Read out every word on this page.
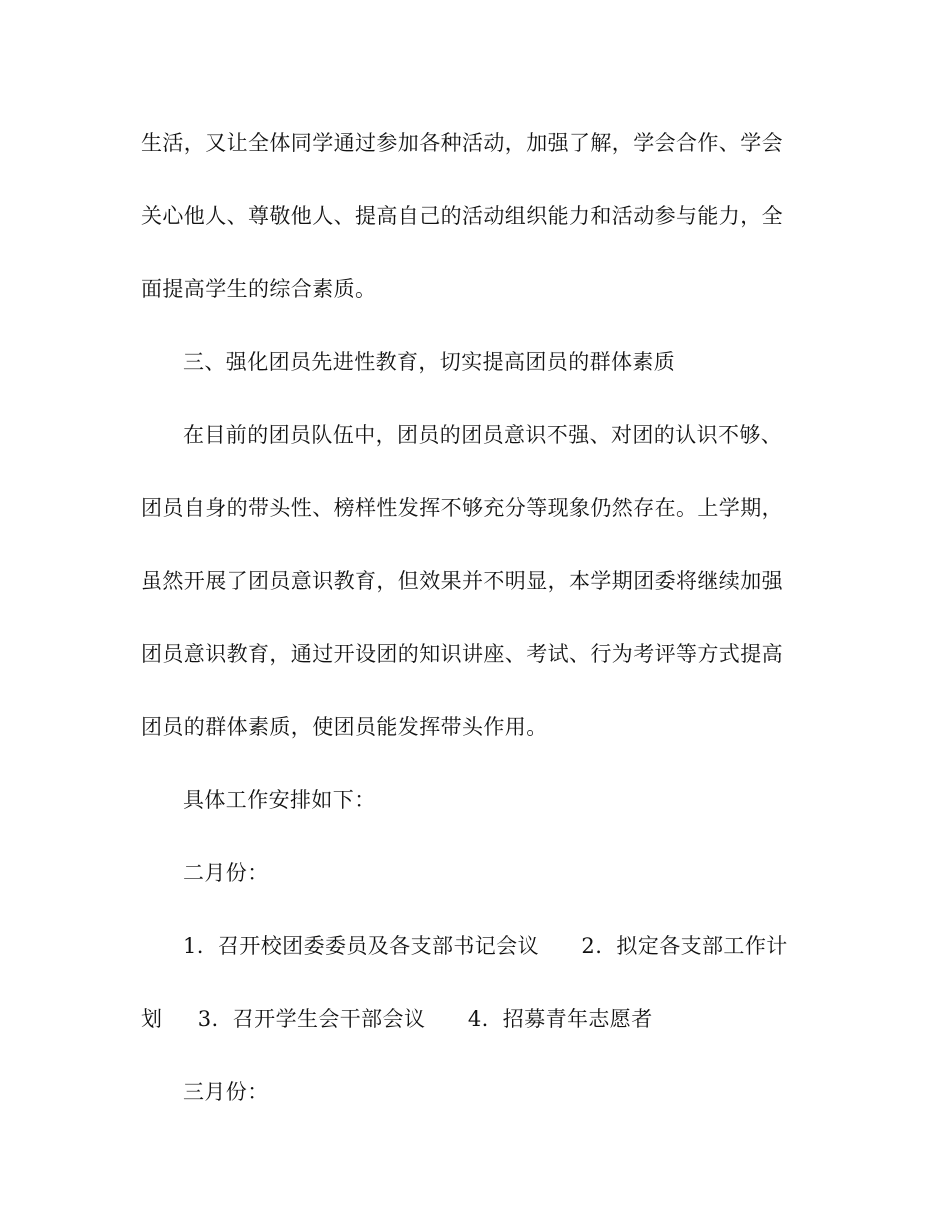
生活，又让全体同学通过参加各种活动，加强了解，学会合作、学会
关心他人、尊敬他人、提高自己的活动组织能力和活动参与能力，全
面提高学生的综合素质。
三、强化团员先进性教育，切实提高团员的群体素质
在目前的团员队伍中，团员的团员意识不强、对团的认识不够、
团员自身的带头性、榜样性发挥不够充分等现象仍然存在。上学期，
虽然开展了团员意识教育，但效果并不明显，本学期团委将继续加强
团员意识教育，通过开设团的知识讲座、考试、行为考评等方式提高
团员的群体素质，使团员能发挥带头作用。
具体工作安排如下：
二月份：
1.  召开校团委委员及各支部书记会议      2.  拟定各支部工作计
划     3.  召开学生会干部会议      4.  招募青年志愿者
三月份：
